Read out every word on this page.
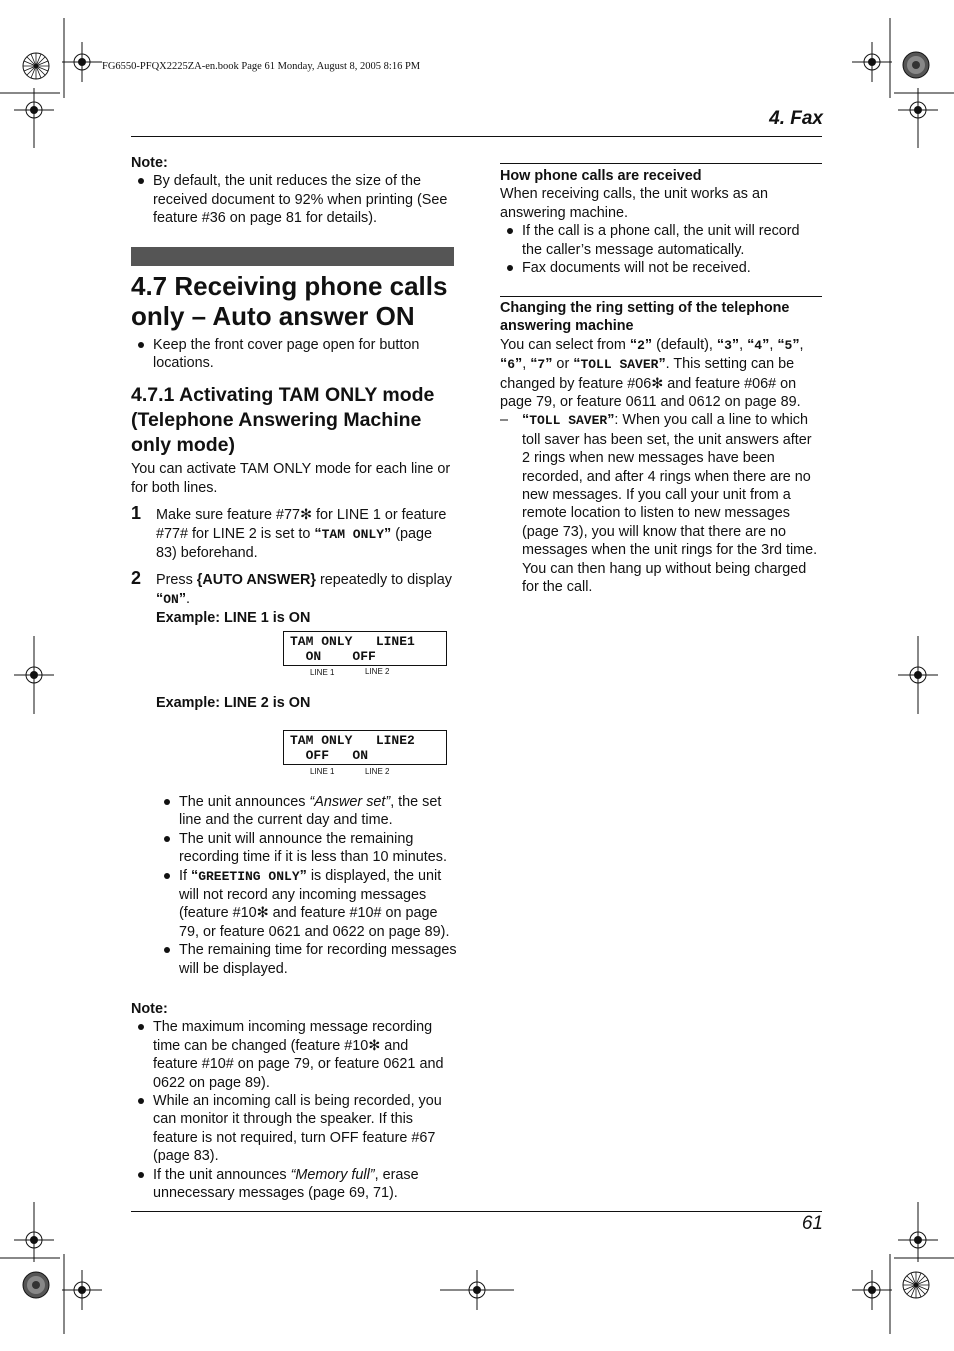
FG6550-PFQX2225ZA-en.book Page 61 Monday, August 8, 2005 8:16 PM
4. Fax
Note:
By default, the unit reduces the size of the received document to 92% when printing (See feature #36 on page 81 for details).
4.7 Receiving phone calls only – Auto answer ON
Keep the front cover page open for button locations.
4.7.1 Activating TAM ONLY mode (Telephone Answering Machine only mode)

You can activate TAM ONLY mode for each line or for both lines.

1 Make sure feature #77✻ for LINE 1 or feature #77# for LINE 2 is set to “TAM ONLY” (page 83) beforehand.
2 Press {AUTO ANSWER} repeatedly to display “ON”.
Example: LINE 1 is ON
TAM ONLY   LINE1
ON    OFF
LINE 1	LINE 2
Example: LINE 2 is ON
TAM ONLY   LINE2
OFF   ON
LINE 1	LINE 2
The unit announces “Answer set”, the set line and the current day and time.
The unit will announce the remaining recording time if it is less than 10 minutes.
If “GREETING ONLY” is displayed, the unit will not record any incoming messages (feature #10✻ and feature #10# on page 79, or feature 0621 and 0622 on page 89).
The remaining time for recording messages will be displayed.
Note:
The maximum incoming message recording time can be changed (feature #10✻ and feature #10# on page 79, or feature 0621 and 0622 on page 89).
While an incoming call is being recorded, you can monitor it through the speaker. If this feature is not required, turn OFF feature #67 (page 83).
If the unit announces “Memory full”, erase unnecessary messages (page 69, 71).
How phone calls are received

When receiving calls, the unit works as an answering machine.

If the call is a phone call, the unit will record the caller’s message automatically.
Fax documents will not be received.
Changing the ring setting of the telephone answering machine

You can select from “2” (default), “3”, “4”, “5”, “6”, “7” or “TOLL SAVER”. This setting can be changed by feature #06✻ and feature #06# on page 79, or feature 0611 and 0612 on page 89.

– “TOLL SAVER”: When you call a line to which toll saver has been set, the unit answers after 2 rings when new messages have been recorded, and after 4 rings when there are no new messages. If you call your unit from a remote location to listen to new messages (page 73), you will know that there are no messages when the unit rings for the 3rd time. You can then hang up without being charged for the call.
61
